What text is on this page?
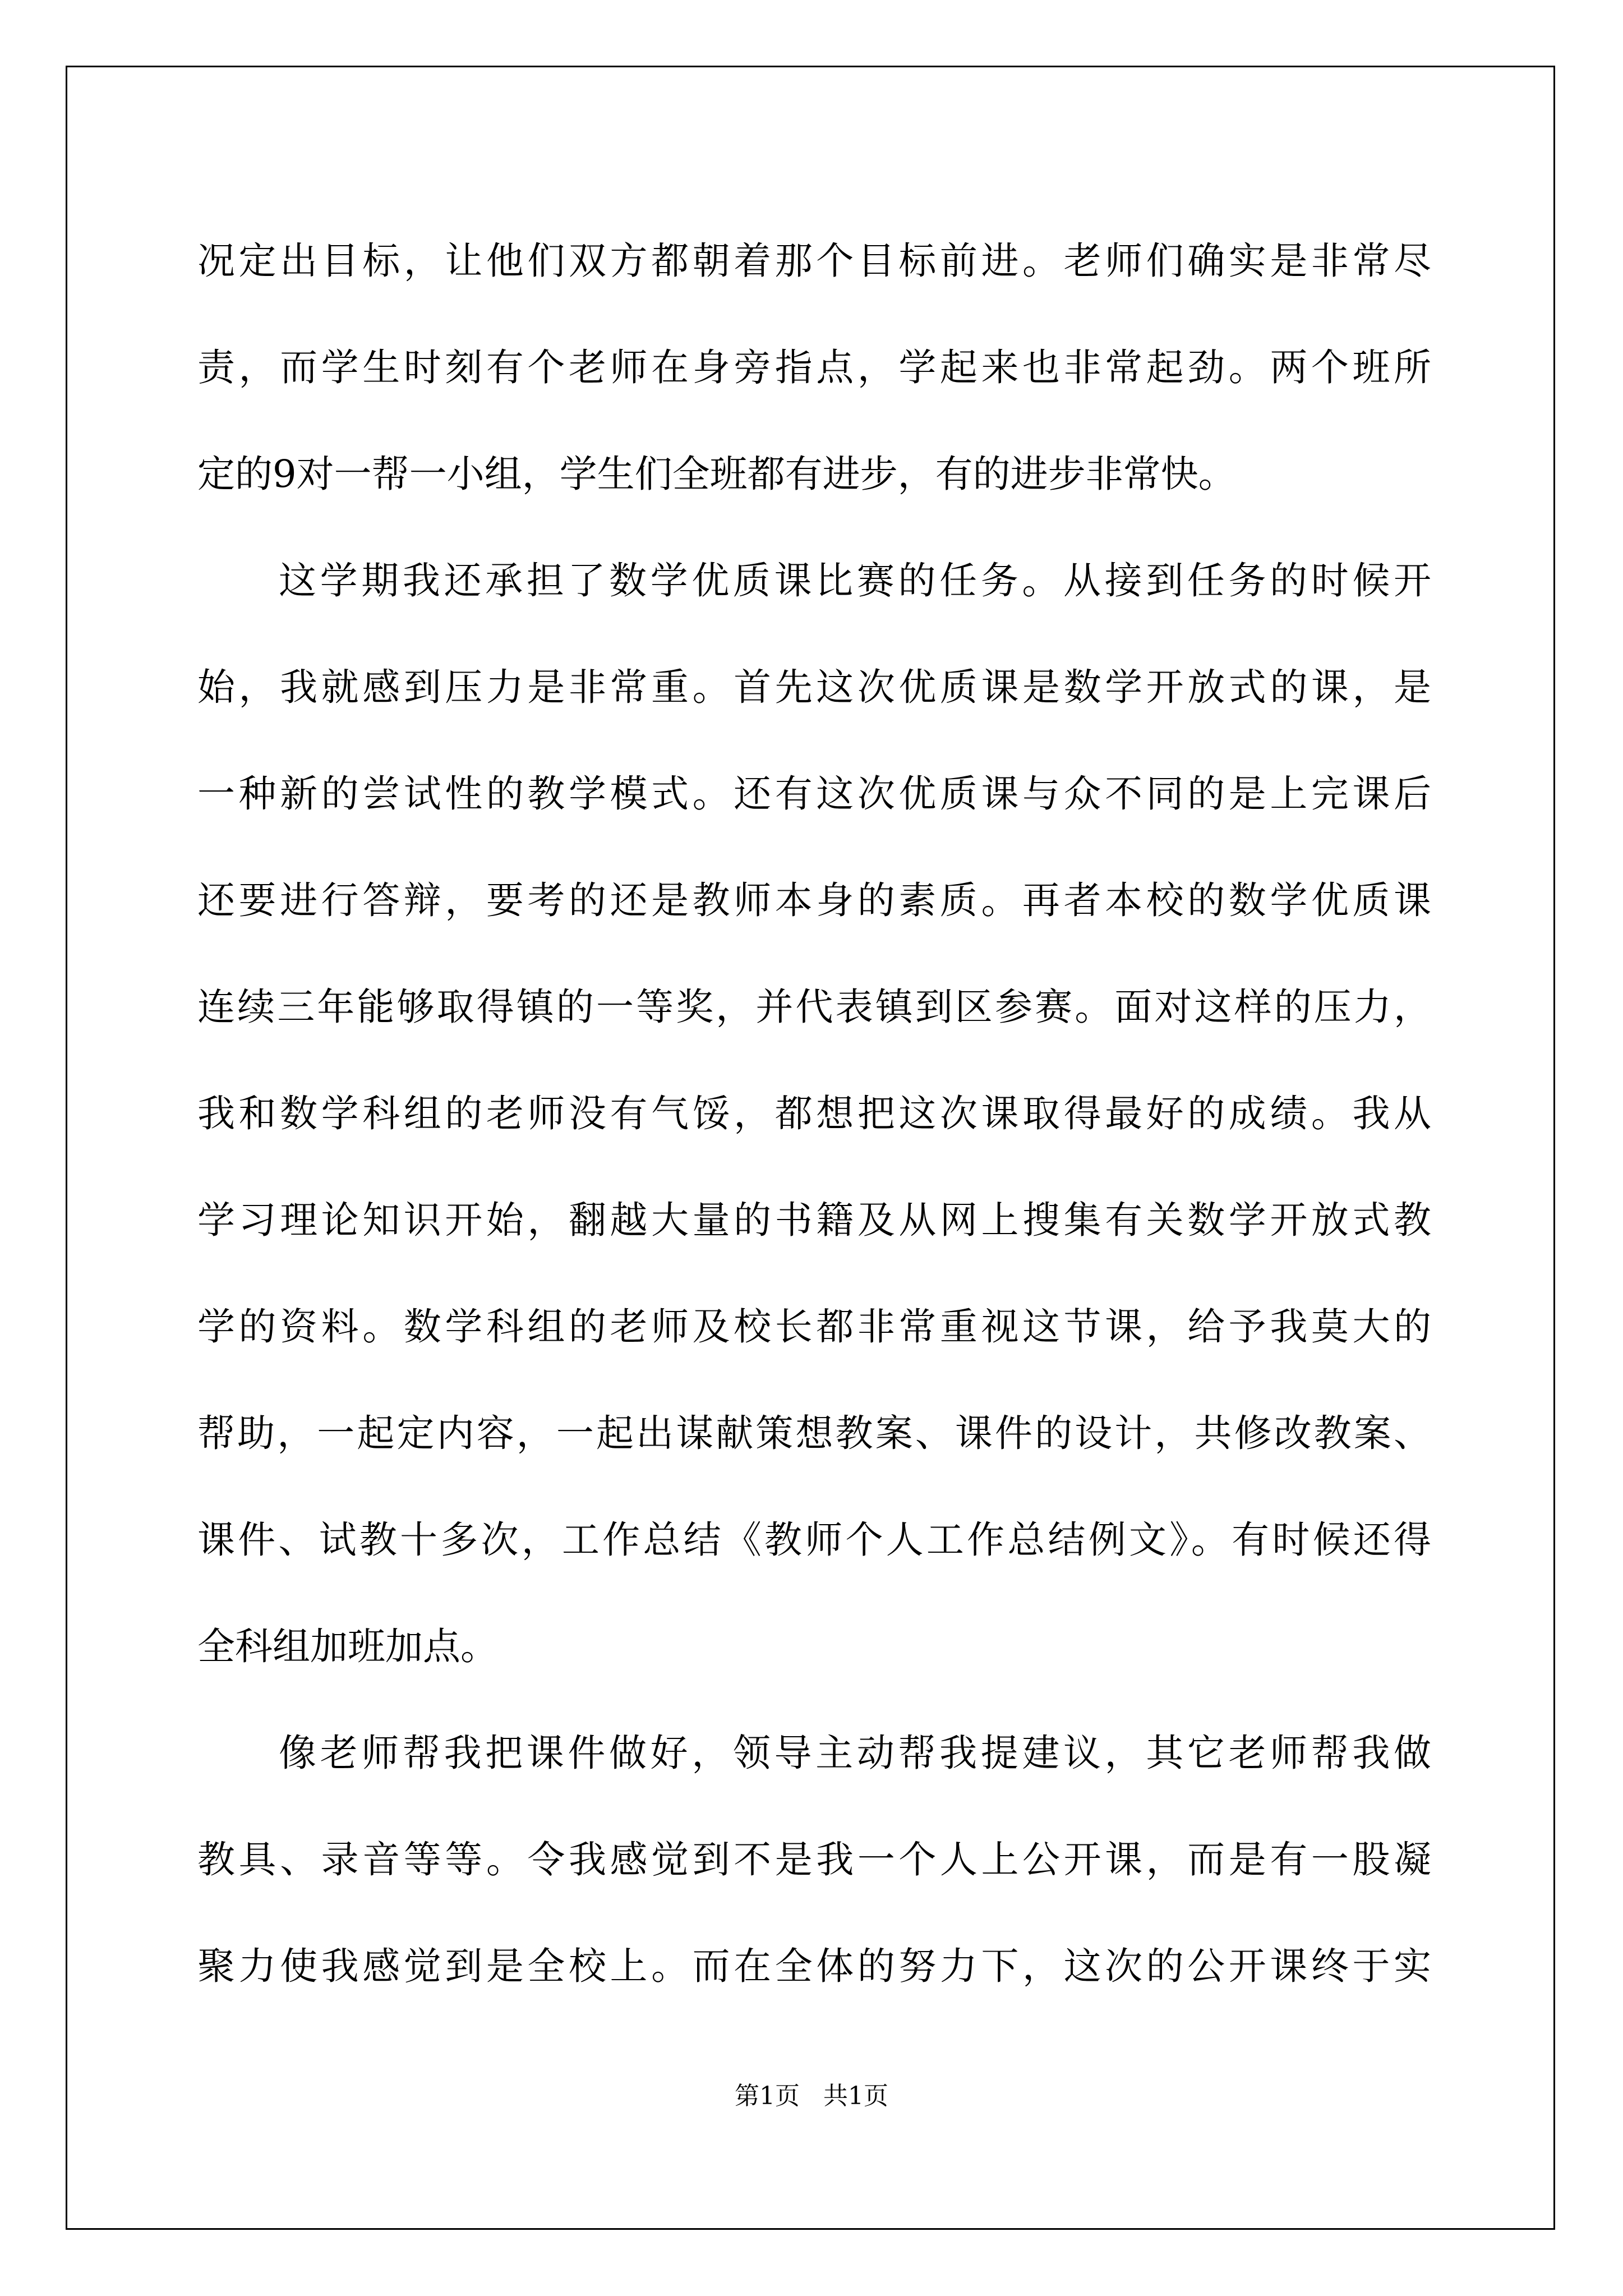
况定出目标，让他们双方都朝着那个目标前进。老师们确实是非常尽
责，而学生时刻有个老师在身旁指点，学起来也非常起劲。两个班所
定的9对一帮一小组，学生们全班都有进步，有的进步非常快。
这学期我还承担了数学优质课比赛的任务。从接到任务的时候开
始，我就感到压力是非常重。首先这次优质课是数学开放式的课，是
一种新的尝试性的教学模式。还有这次优质课与众不同的是上完课后
还要进行答辩，要考的还是教师本身的素质。再者本校的数学优质课
连续三年能够取得镇的一等奖，并代表镇到区参赛。面对这样的压力，
我和数学科组的老师没有气馁，都想把这次课取得最好的成绩。我从
学习理论知识开始，翻越大量的书籍及从网上搜集有关数学开放式教
学的资料。数学科组的老师及校长都非常重视这节课，给予我莫大的
帮助，一起定内容，一起出谋献策想教案、课件的设计，共修改教案、
课件、试教十多次，工作总结《教师个人工作总结例文》。有时候还得
全科组加班加点。
像老师帮我把课件做好，领导主动帮我提建议，其它老师帮我做
教具、录音等等。令我感觉到不是我一个人上公开课，而是有一股凝
聚力使我感觉到是全校上。而在全体的努力下，这次的公开课终于实
第1页   共1页
